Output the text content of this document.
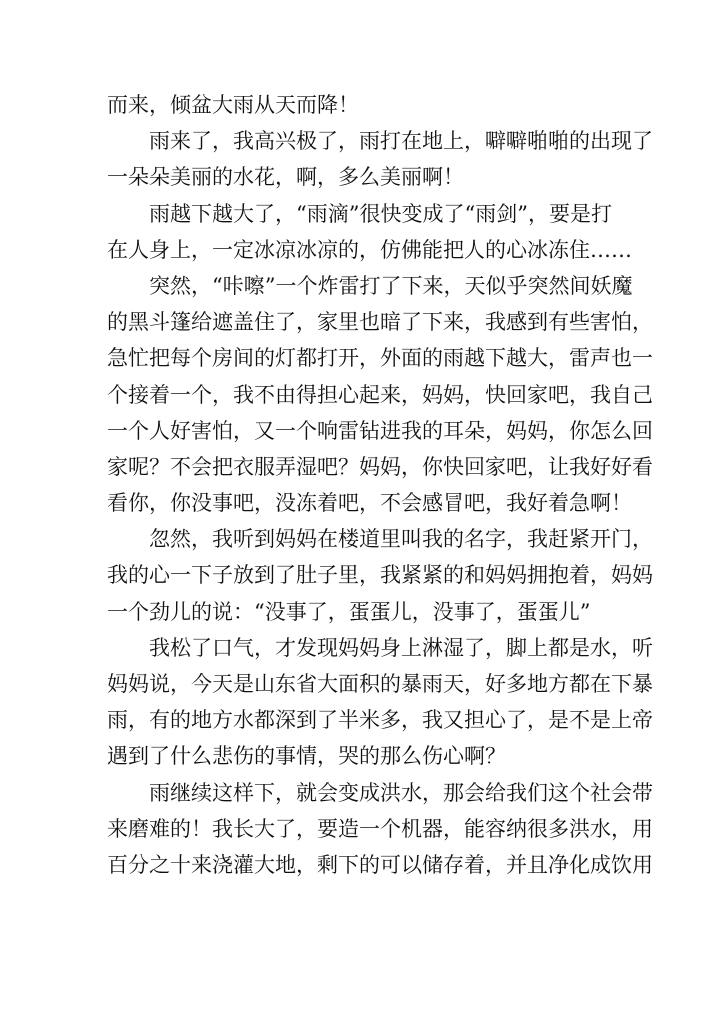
而来，倾盆大雨从天而降！

雨来了，我高兴极了，雨打在地上，噼噼啪啪的出现了
一朵朵美丽的水花，啊，多么美丽啊！

雨越下越大了，“雨滴”很快变成了“雨剑”，要是打
在人身上，一定冰凉冰凉的，仿佛能把人的心冰冻住……

突然，“咔嚓”一个炸雷打了下来，天似乎突然间妖魔
的黑斗篷给遮盖住了，家里也暗了下来，我感到有些害怕，
急忙把每个房间的灯都打开，外面的雨越下越大，雷声也一
个接着一个，我不由得担心起来，妈妈，快回家吧，我自己
一个人好害怕，又一个响雷钻进我的耳朵，妈妈，你怎么回
家呢？不会把衣服弄湿吧？妈妈，你快回家吧，让我好好看
看你，你没事吧，没冻着吧，不会感冒吧，我好着急啊！

忽然，我听到妈妈在楼道里叫我的名字，我赶紧开门，
我的心一下子放到了肚子里，我紧紧的和妈妈拥抱着，妈妈
一个劲儿的说：“没事了，蛋蛋儿，没事了，蛋蛋儿”

我松了口气，才发现妈妈身上淋湿了，脚上都是水，听
妈妈说，今天是山东省大面积的暴雨天，好多地方都在下暴
雨，有的地方水都深到了半米多，我又担心了，是不是上帝
遇到了什么悲伤的事情，哭的那么伤心啊？

雨继续这样下，就会变成洪水，那会给我们这个社会带
来磨难的！我长大了，要造一个机器，能容纳很多洪水，用
百分之十来浇灌大地，剩下的可以储存着，并且净化成饮用
